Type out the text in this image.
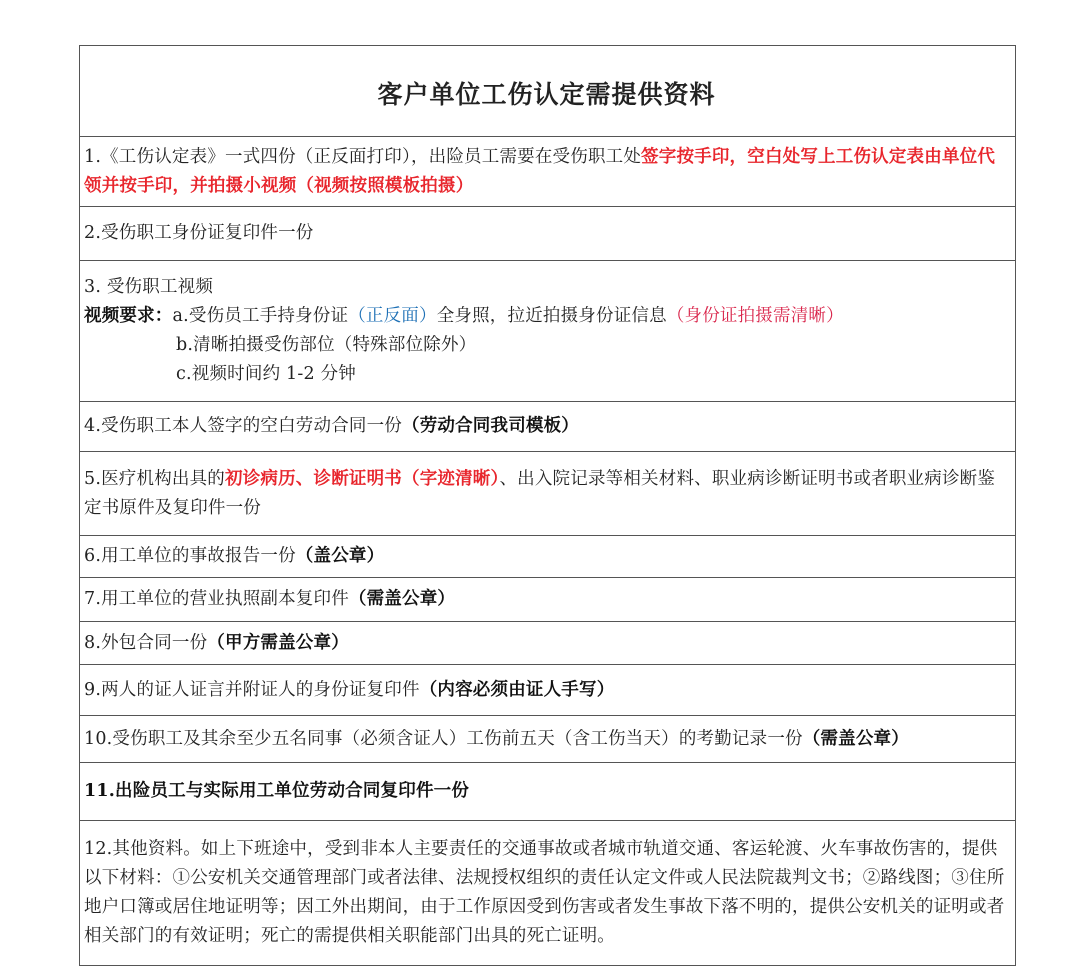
客户单位工伤认定需提供资料
1.《工伤认定表》一式四份（正反面打印），出险员工需要在受伤职工处签字按手印，空白处写上工伤认定表由单位代领并按手印，并拍摄小视频（视频按照模板拍摄）
2.受伤职工身份证复印件一份
3. 受伤职工视频
视频要求：a.受伤员工手持身份证（正反面）全身照，拉近拍摄身份证信息（身份证拍摄需清晰）
b.清晰拍摄受伤部位（特殊部位除外）
c.视频时间约 1-2 分钟
4.受伤职工本人签字的空白劳动合同一份（劳动合同我司模板）
5.医疗机构出具的初诊病历、诊断证明书（字迹清晰）、出入院记录等相关材料、职业病诊断证明书或者职业病诊断鉴定书原件及复印件一份
6.用工单位的事故报告一份（盖公章）
7.用工单位的营业执照副本复印件（需盖公章）
8.外包合同一份（甲方需盖公章）
9.两人的证人证言并附证人的身份证复印件（内容必须由证人手写）
10.受伤职工及其余至少五名同事（必须含证人）工伤前五天（含工伤当天）的考勤记录一份（需盖公章）
11.出险员工与实际用工单位劳动合同复印件一份
12.其他资料。如上下班途中，受到非本人主要责任的交通事故或者城市轨道交通、客运轮渡、火车事故伤害的，提供以下材料：①公安机关交通管理部门或者法律、法规授权组织的责任认定文件或人民法院裁判文书；②路线图；③住所地户口簿或居住地证明等；因工外出期间，由于工作原因受到伤害或者发生事故下落不明的，提供公安机关的证明或者相关部门的有效证明；死亡的需提供相关职能部门出具的死亡证明。
